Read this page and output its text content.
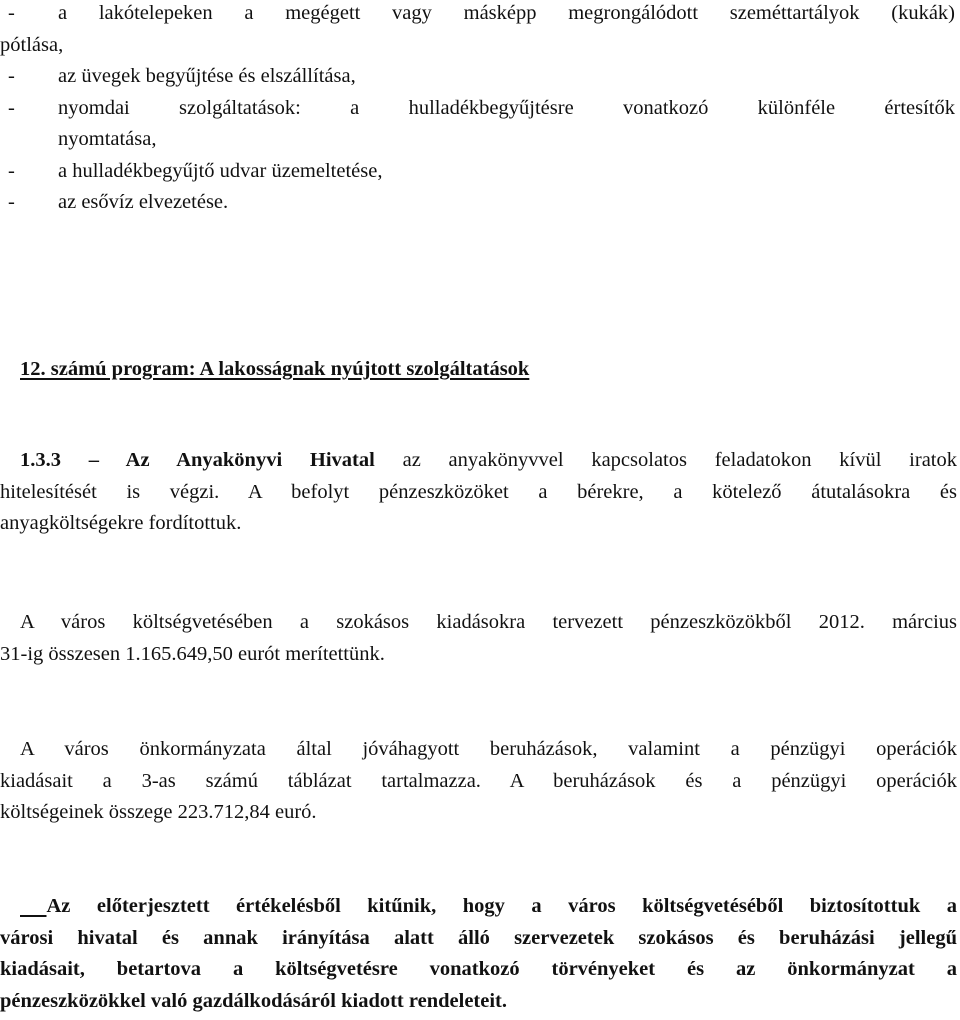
-	a lakótelepeken a megégett vagy másképp megrongálódott szeméttartályok (kukák)
pótlása,
-	az üvegek begyűjtése és elszállítása,
-	nyomdai szolgáltatások: a hulladékbegyűjtésre vonatkozó különféle értesítők
nyomtatása,
-	a hulladékbegyűjtő udvar üzemeltetése,
-	az esővíz elvezetése.
12. számú program: A lakosságnak nyújtott szolgáltatások
1.3.3 – Az Anyakönyvi Hivatal az anyakönyvvel kapcsolatos feladatokon kívül iratok
hitelesítését is végzi. A befolyt pénzeszközöket a bérekre, a kötelező átutalásokra és
anyagköltségekre fordítottuk.
A város költségvetésében a szokásos kiadásokra tervezett pénzeszközökből 2012. március
31-ig összesen 1.165.649,50 eurót merítettünk.
A város önkormányzata által jóváhagyott beruházások, valamint a pénzügyi operációk
kiadásait a 3-as számú táblázat tartalmazza. A beruházások és a pénzügyi operációk
költségeinek összege 223.712,84 euró.
Az előterjesztett értékelésből kitűnik, hogy a város költségvetéséből biztosítottuk a
városi hivatal és annak irányítása alatt álló szervezetek szokásos és beruházási jellegű
kiadásait, betartova a költségvetésre vonatkozó törvényeket és az önkormányzat a
pénzeszközökkel való gazdálkodásáról kiadott rendeleteit.
